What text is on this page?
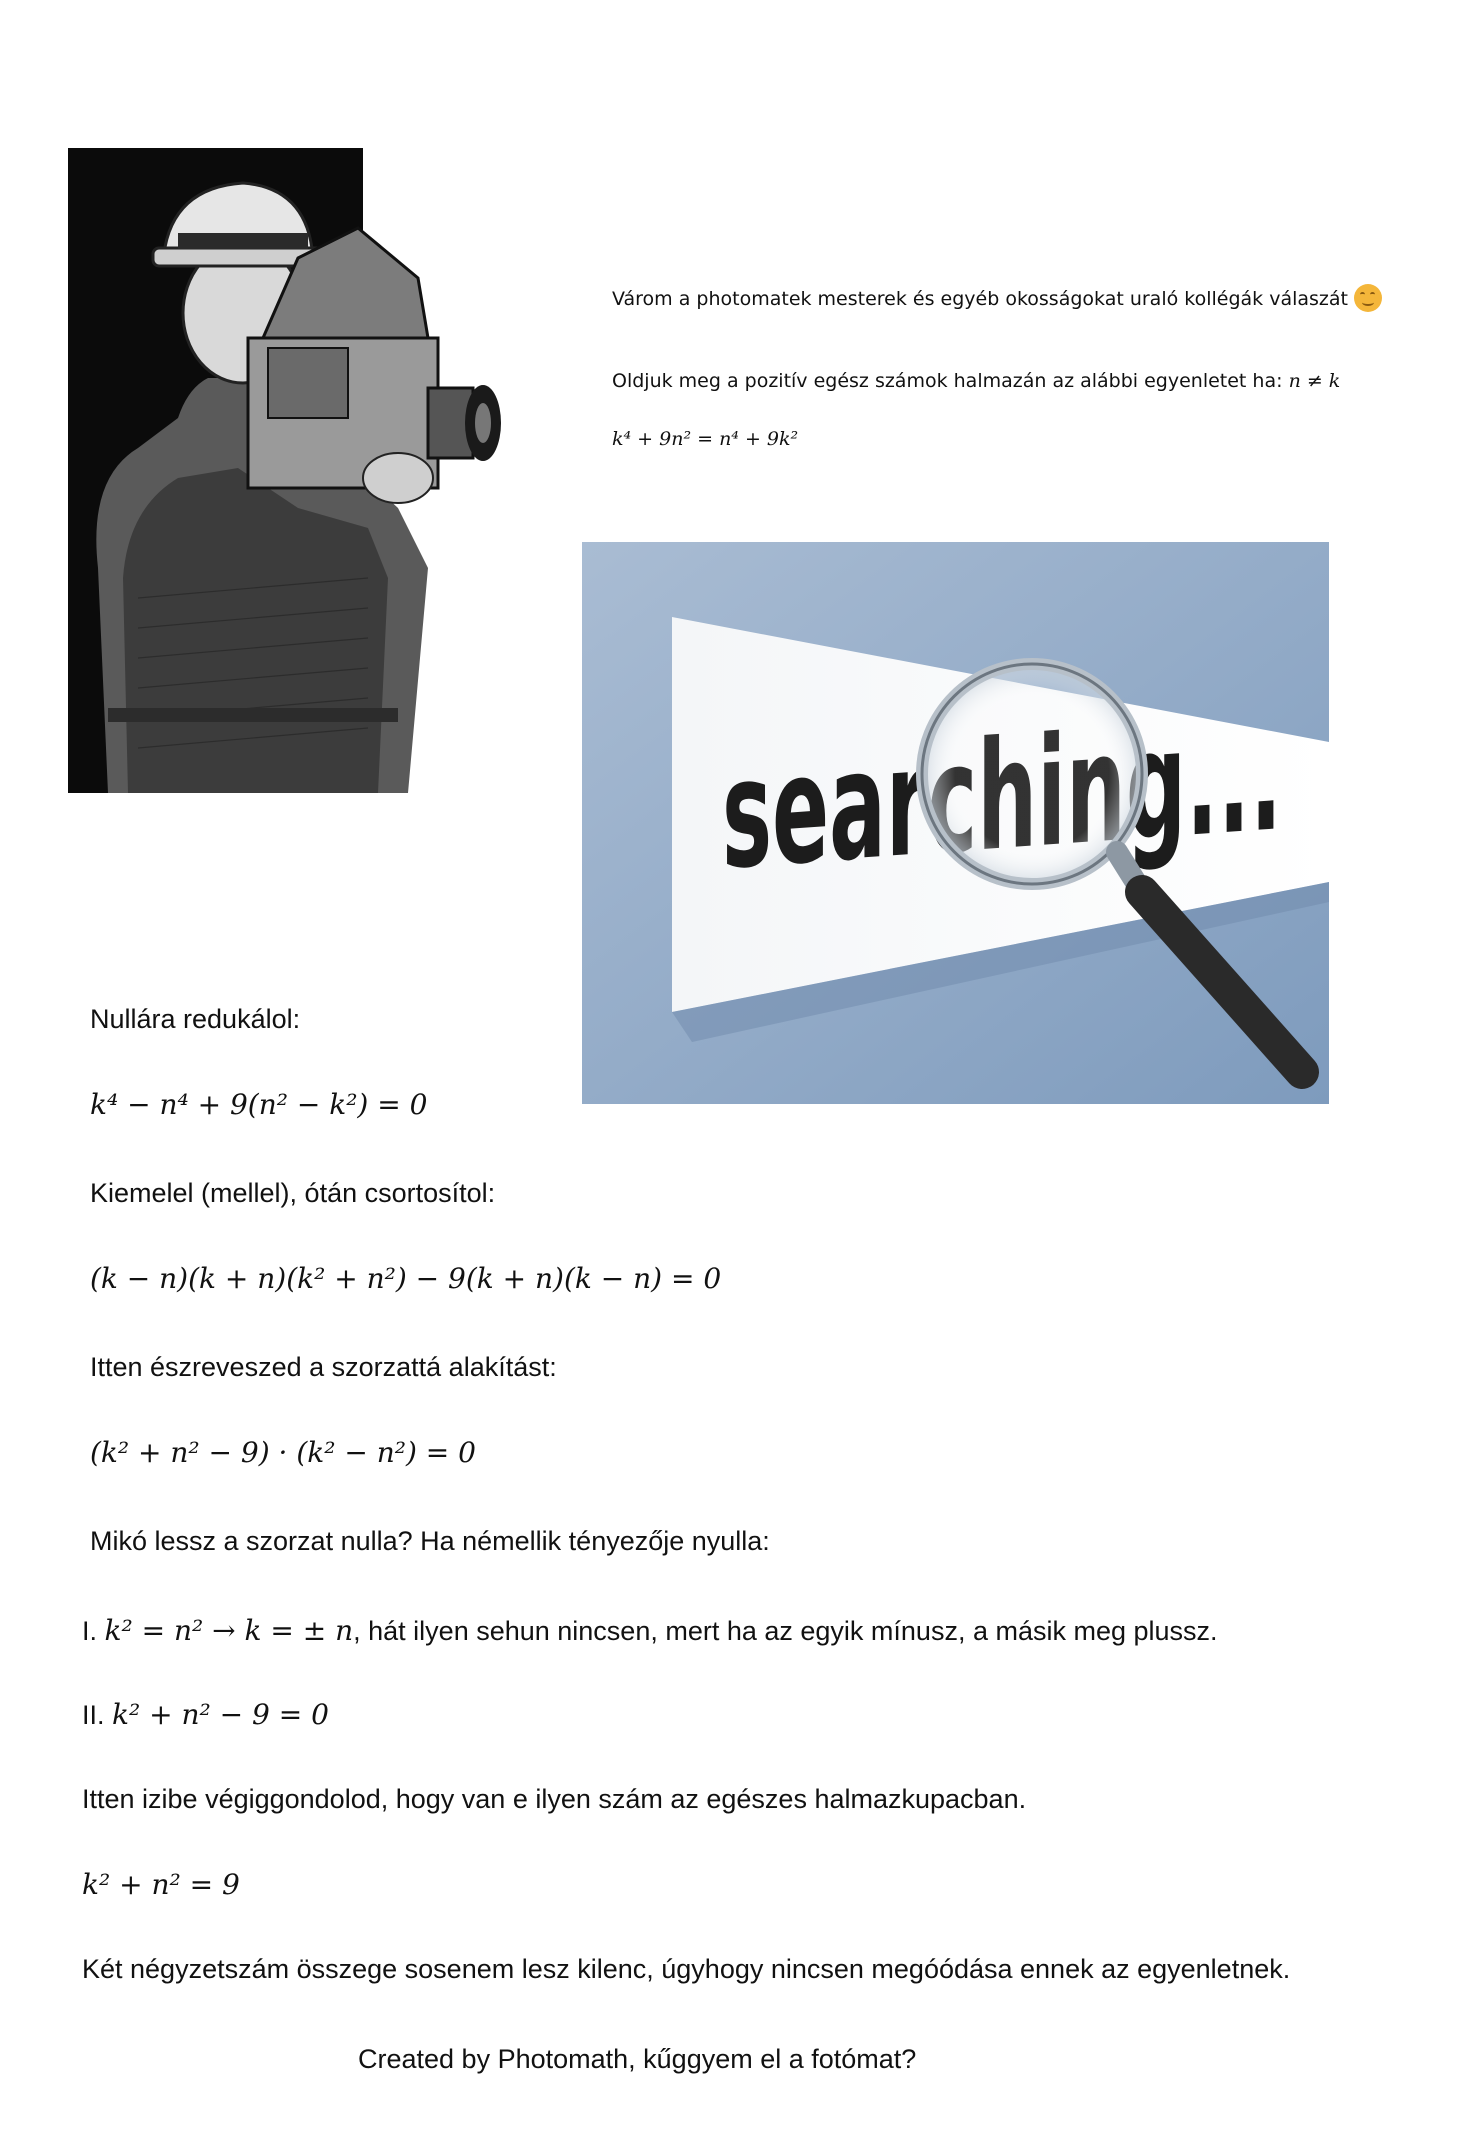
Várom a photomatek mesterek és egyéb okosságokat uraló kollégák válaszát
Oldjuk meg a pozitív egész számok halmazán az alábbi egyenletet ha: n ≠ k
k⁴ + 9n² = n⁴ + 9k²
Nullára redukálol:
k⁴ − n⁴ + 9(n² − k²) = 0
Kiemelel (mellel), ótán csortosítol:
(k − n)(k + n)(k² + n²) − 9(k + n)(k − n) = 0
Itten észreveszed a szorzattá alakítást:
(k² + n² − 9) · (k² − n²) = 0
Mikó lessz a szorzat nulla? Ha némellik tényezője nyulla:
I. k² = n² → k = ± n, hát ilyen sehun nincsen, mert ha az egyik mínusz, a másik meg plussz.
II. k² + n² − 9 = 0
Itten izibe végiggondolod, hogy van e ilyen szám az egészes halmazkupacban.
k² + n² = 9
Két négyzetszám összege sosenem lesz kilenc, úgyhogy nincsen megóódása ennek az egyenletnek.
Created by Photomath, kűggyem el a fotómat?
